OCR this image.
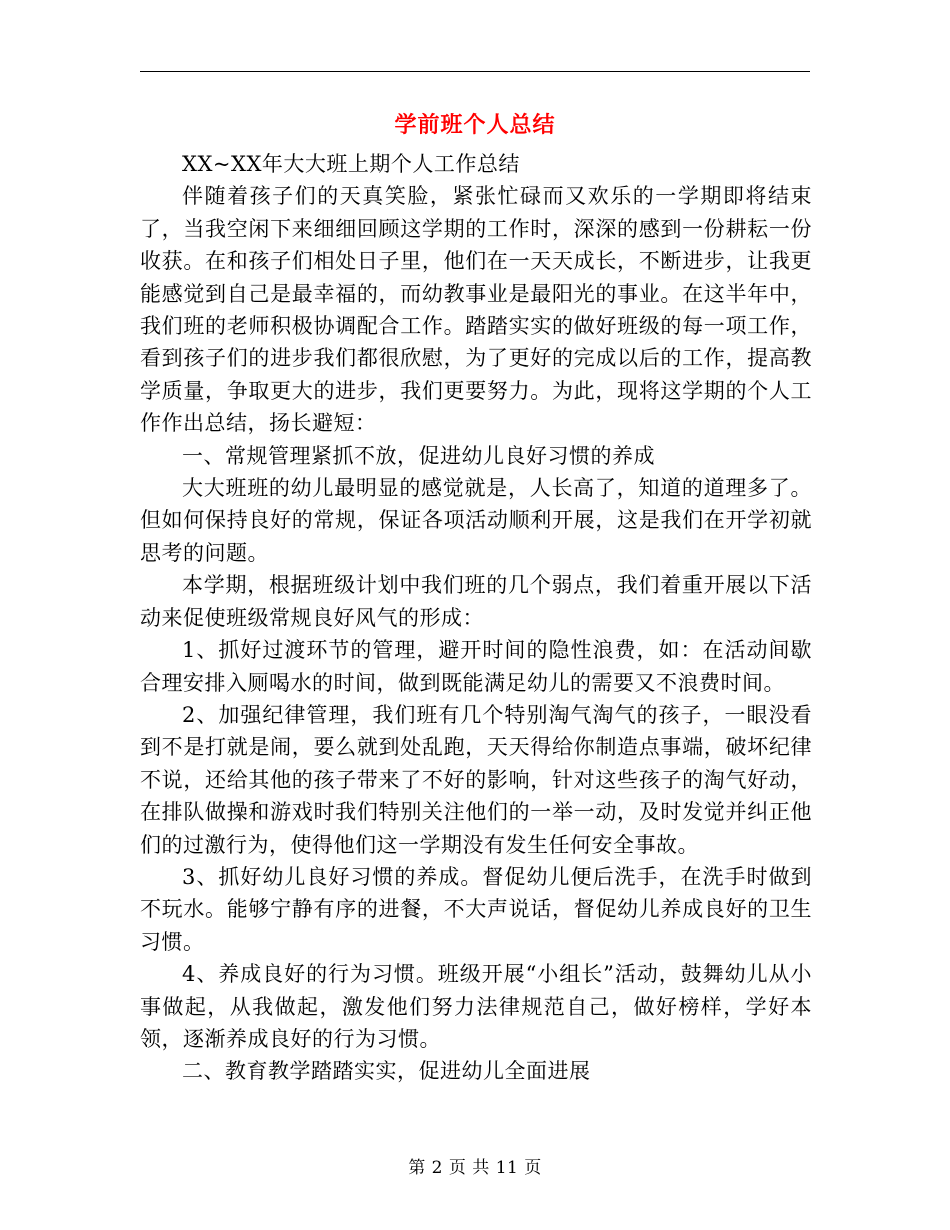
学前班个人总结

XX~XX年大大班上期个人工作总结

伴随着孩子们的天真笑脸，紧张忙碌而又欢乐的一学期即将结束了，当我空闲下来细细回顾这学期的工作时，深深的感到一份耕耘一份收获。在和孩子们相处日子里，他们在一天天成长，不断进步，让我更能感觉到自己是最幸福的，而幼教事业是最阳光的事业。在这半年中，我们班的老师积极协调配合工作。踏踏实实的做好班级的每一项工作，看到孩子们的进步我们都很欣慰，为了更好的完成以后的工作，提高教学质量，争取更大的进步，我们更要努力。为此，现将这学期的个人工作作出总结，扬长避短：

一、常规管理紧抓不放，促进幼儿良好习惯的养成

大大班班的幼儿最明显的感觉就是，人长高了，知道的道理多了。但如何保持良好的常规，保证各项活动顺利开展，这是我们在开学初就思考的问题。

本学期，根据班级计划中我们班的几个弱点，我们着重开展以下活动来促使班级常规良好风气的形成：

1、抓好过渡环节的管理，避开时间的隐性浪费，如：在活动间歇合理安排入厕喝水的时间，做到既能满足幼儿的需要又不浪费时间。

2、加强纪律管理，我们班有几个特别淘气淘气的孩子，一眼没看到不是打就是闹，要么就到处乱跑，天天得给你制造点事端，破坏纪律不说，还给其他的孩子带来了不好的影响，针对这些孩子的淘气好动，在排队做操和游戏时我们特别关注他们的一举一动，及时发觉并纠正他们的过激行为，使得他们这一学期没有发生任何安全事故。

3、抓好幼儿良好习惯的养成。督促幼儿便后洗手，在洗手时做到不玩水。能够宁静有序的进餐，不大声说话，督促幼儿养成良好的卫生习惯。

4、养成良好的行为习惯。班级开展“小组长”活动，鼓舞幼儿从小事做起，从我做起，激发他们努力法律规范自己，做好榜样，学好本领，逐渐养成良好的行为习惯。

二、教育教学踏踏实实，促进幼儿全面进展

第 2 页 共 11 页
